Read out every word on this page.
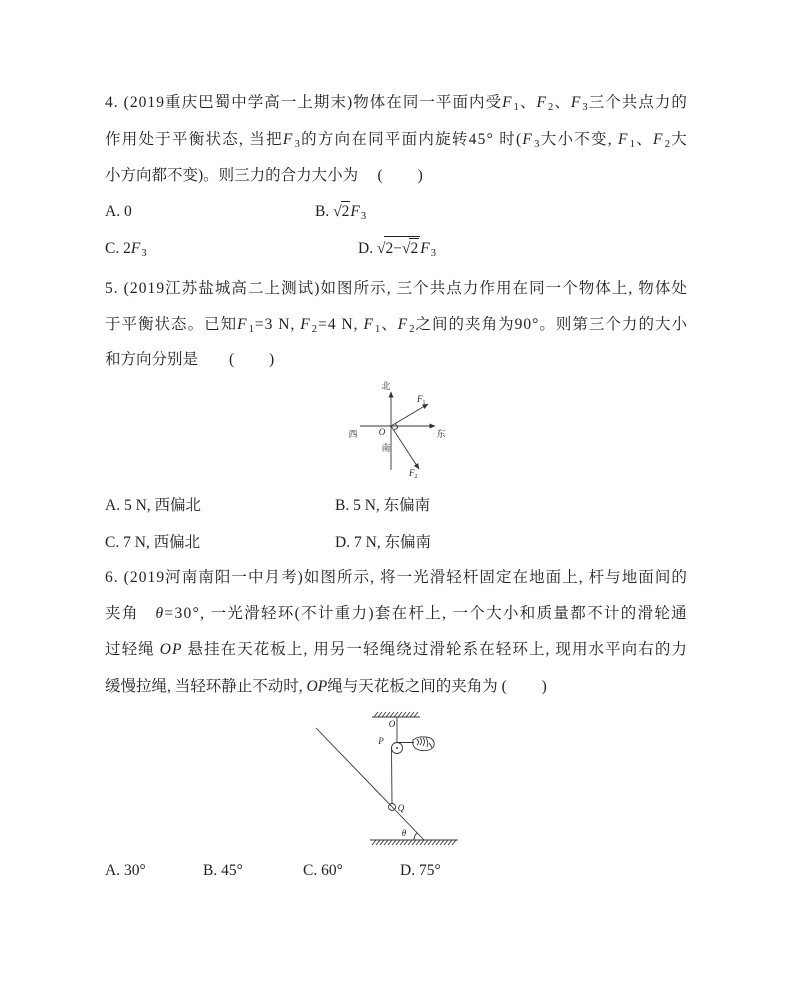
4. (2019重庆巴蜀中学高一上期末)物体在同一平面内受$F_1$、$F_2$、$F_3$三个共点力的
作用处于平衡状态, 当把$F_3$的方向在同平面内旋转45° 时($F_3$大小不变, $F_1$、$F_2$大
小方向都不变)。则三力的合力大小为　 (　　 )
A. 0	B. √ $2F_3$
C. $2F_3$	D. √ 2−√ 2 $F_3$
5. (2019江苏盐城高二上测试)如图所示, 三个共点力作用在同一个物体上, 物体处
于平衡状态。已知$F_1=3$ N, $F_2=4$ N, $F_1$、$F_2$之间的夹角为90°。则第三个力的大小
和方向分别是　　(　　 )
北
南
西	东
O
$F_1$
$F_2$
A. 5 N, 西偏北	B. 5 N, 东偏南
C. 7 N, 西偏北	D. 7 N, 东偏南
6. (2019河南南阳一中月考)如图所示, 将一光滑轻杆固定在地面上, 杆与地面间的
夹角　θ=30°, 一光滑轻环(不计重力)套在杆上, 一个大小和质量都不计的滑轮通
过轻绳 OP 悬挂在天花板上, 用另一轻绳绕过滑轮系在轻环上, 现用水平向右的力
缓慢拉绳, 当轻环静止不动时, OP绳与天花板之间的夹角为 (　　 )
O
P
Q
θ
A. 30°	B. 45°	C. 60°	D. 75°
